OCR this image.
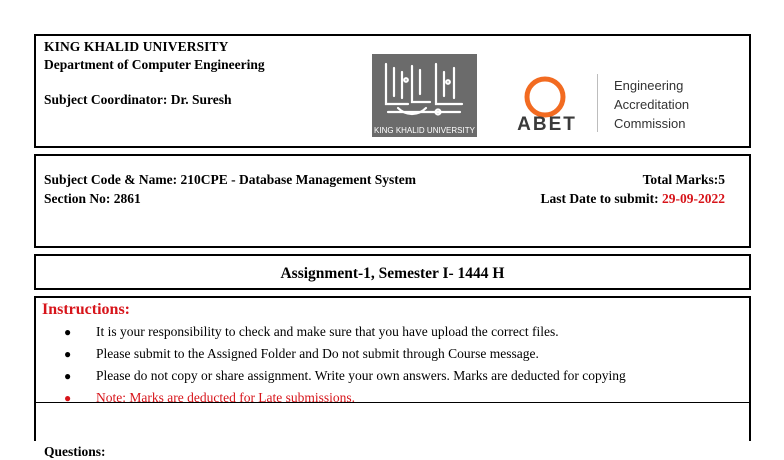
KING KHALID UNIVERSITY
Department of Computer Engineering
Subject Coordinator: Dr. Suresh
KING KHALID UNIVERSITY ABET
Engineering
Accreditation
Commission
Subject Code & Name: 210CPE - Database Management System
Section No: 2861
Total Marks:5
Last Date to submit: 29-09-2022
Assignment-1, Semester I- 1444 H
Instructions:
● It is your responsibility to check and make sure that you have upload the correct files.
● Please submit to the Assigned Folder and Do not submit through Course message.
● Please do not copy or share assignment. Write your own answers. Marks are deducted for copying
● Note: Marks are deducted for Late submissions.
Questions:
